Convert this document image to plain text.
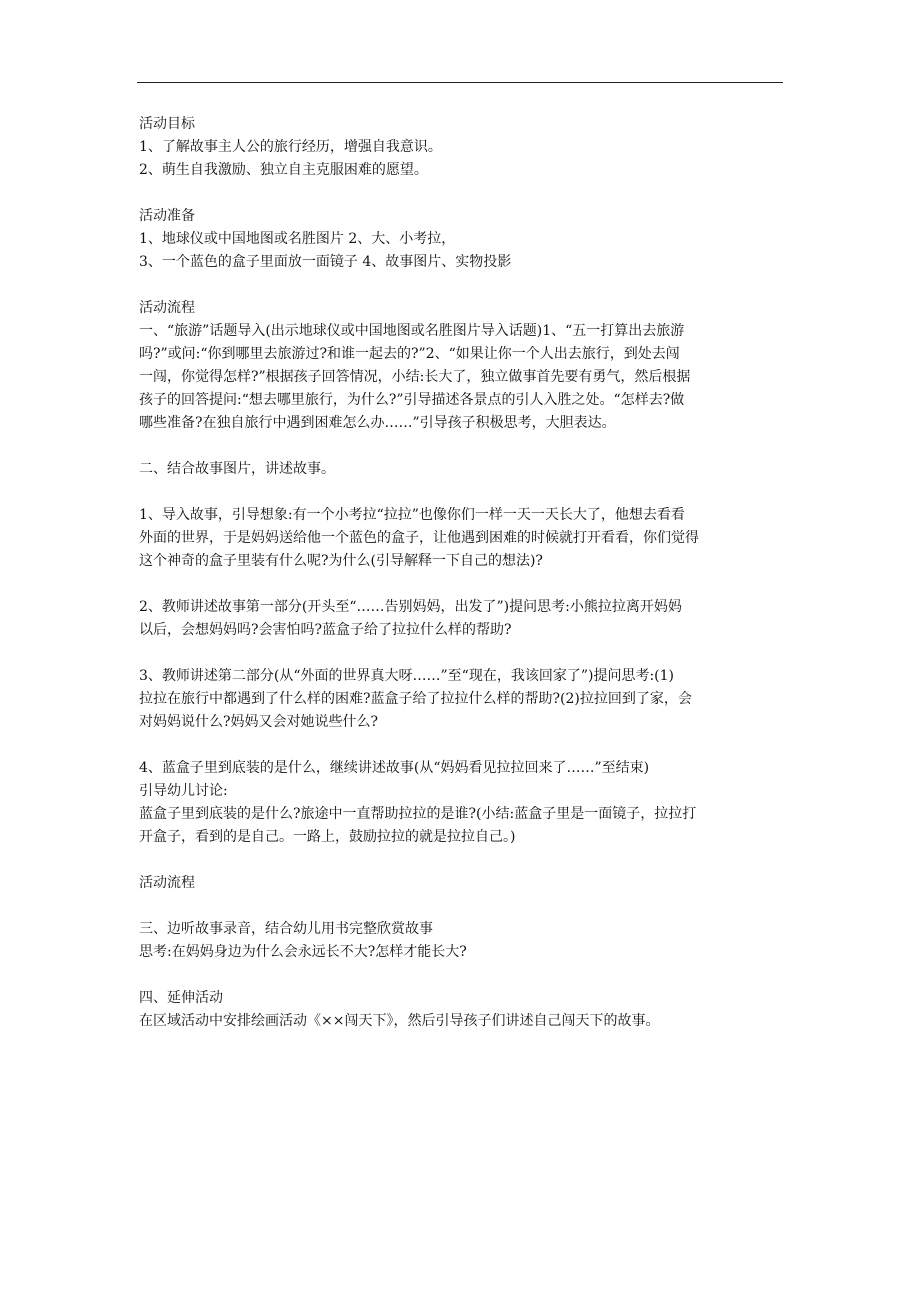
活动目标
1、了解故事主人公的旅行经历，增强自我意识。
2、萌生自我激励、独立自主克服困难的愿望。
活动准备
1、地球仪或中国地图或名胜图片 2、大、小考拉，
3、一个蓝色的盒子里面放一面镜子 4、故事图片、实物投影
活动流程
一、“旅游”话题导入(出示地球仪或中国地图或名胜图片导入话题)1、“五一打算出去旅游
吗?”或问:“你到哪里去旅游过?和谁一起去的?”2、“如果让你一个人出去旅行，到处去闯
一闯，你觉得怎样?”根据孩子回答情况，小结:长大了，独立做事首先要有勇气，然后根据
孩子的回答提问:“想去哪里旅行，为什么?”引导描述各景点的引人入胜之处。“怎样去?做
哪些准备?在独自旅行中遇到困难怎么办……”引导孩子积极思考，大胆表达。
二、结合故事图片，讲述故事。
1、导入故事，引导想象:有一个小考拉“拉拉”也像你们一样一天一天长大了，他想去看看
外面的世界，于是妈妈送给他一个蓝色的盒子，让他遇到困难的时候就打开看看，你们觉得
这个神奇的盒子里装有什么呢?为什么(引导解释一下自己的想法)?
2、教师讲述故事第一部分(开头至“……告别妈妈，出发了”)提问思考:小熊拉拉离开妈妈
以后，会想妈妈吗?会害怕吗?蓝盒子给了拉拉什么样的帮助?
3、教师讲述第二部分(从“外面的世界真大呀……”至“现在，我该回家了”)提问思考:(1)
拉拉在旅行中都遇到了什么样的困难?蓝盒子给了拉拉什么样的帮助?(2)拉拉回到了家，会
对妈妈说什么?妈妈又会对她说些什么?
4、蓝盒子里到底装的是什么，继续讲述故事(从“妈妈看见拉拉回来了……”至结束)
引导幼儿讨论:
蓝盒子里到底装的是什么?旅途中一直帮助拉拉的是谁?(小结:蓝盒子里是一面镜子，拉拉打
开盒子，看到的是自己。一路上，鼓励拉拉的就是拉拉自己。)
活动流程
三、边听故事录音，结合幼儿用书完整欣赏故事
思考:在妈妈身边为什么会永远长不大?怎样才能长大?
四、延伸活动
在区域活动中安排绘画活动《××闯天下》，然后引导孩子们讲述自己闯天下的故事。
